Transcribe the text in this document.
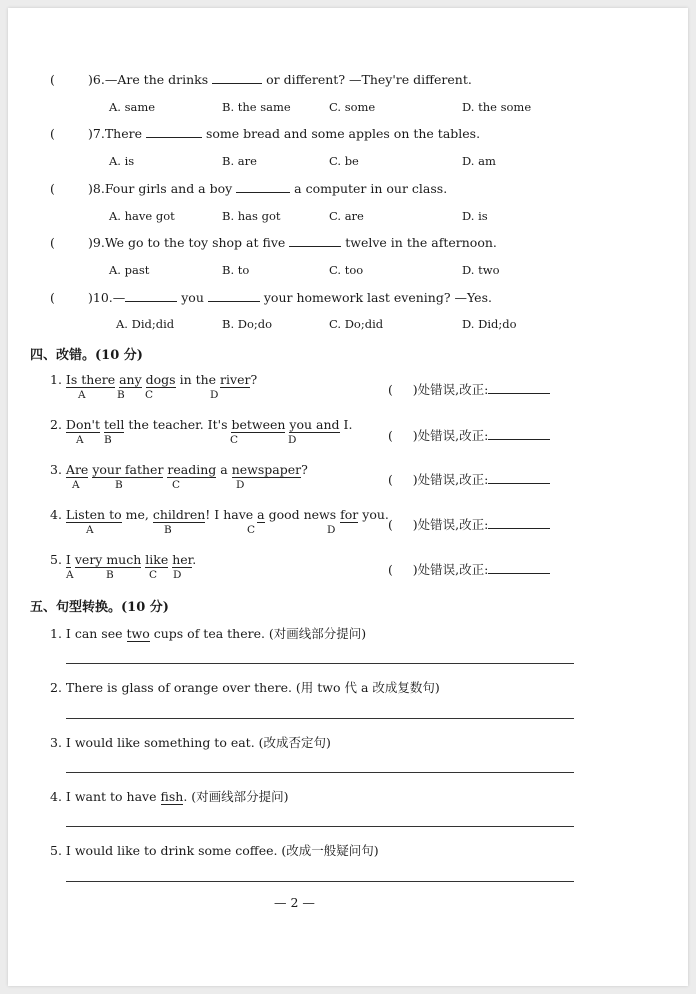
(	)6.—Are the drinks	or different? —They're different.
A. same	B. the same	C. some	D. the some
(	)7.There	some bread and some apples on the tables.
A. is	B. are	C. be	D. am
(	)8.Four girls and a boy	a computer in our class.
A. have got	B. has got	C. are	D. is
(	)9.We go to the toy shop at five	twelve in the afternoon.
A. past	B. to	C. too	D. two
(	)10.—	you	your homework last evening? —Yes.
A. Did;did	B. Do;do	C. Do;did	D. Did;do
四、改错。(10 分)
1. Is there any dogs in the river?
A	B C	D	( )处错误,改正:
2. Don't tell the teacher. It's between you and I.
A B	C	D	( )处错误,改正:
3. Are your father reading a newspaper?
A	B	C	D	( )处错误,改正:
4. Listen to me, children! I have a good news for you.
A	B	C	D	( )处错误,改正:
5. I very much like her.
A	B	C D	( )处错误,改正:
五、句型转换。(10 分)
1. I can see two cups of tea there. (对画线部分提问)
2. There is glass of orange over there. (用 two 代 a 改成复数句)
3. I would like something to eat. (改成否定句)
4. I want to have fish. (对画线部分提问)
5. I would like to drink some coffee. (改成一般疑问句)
— 2 —
